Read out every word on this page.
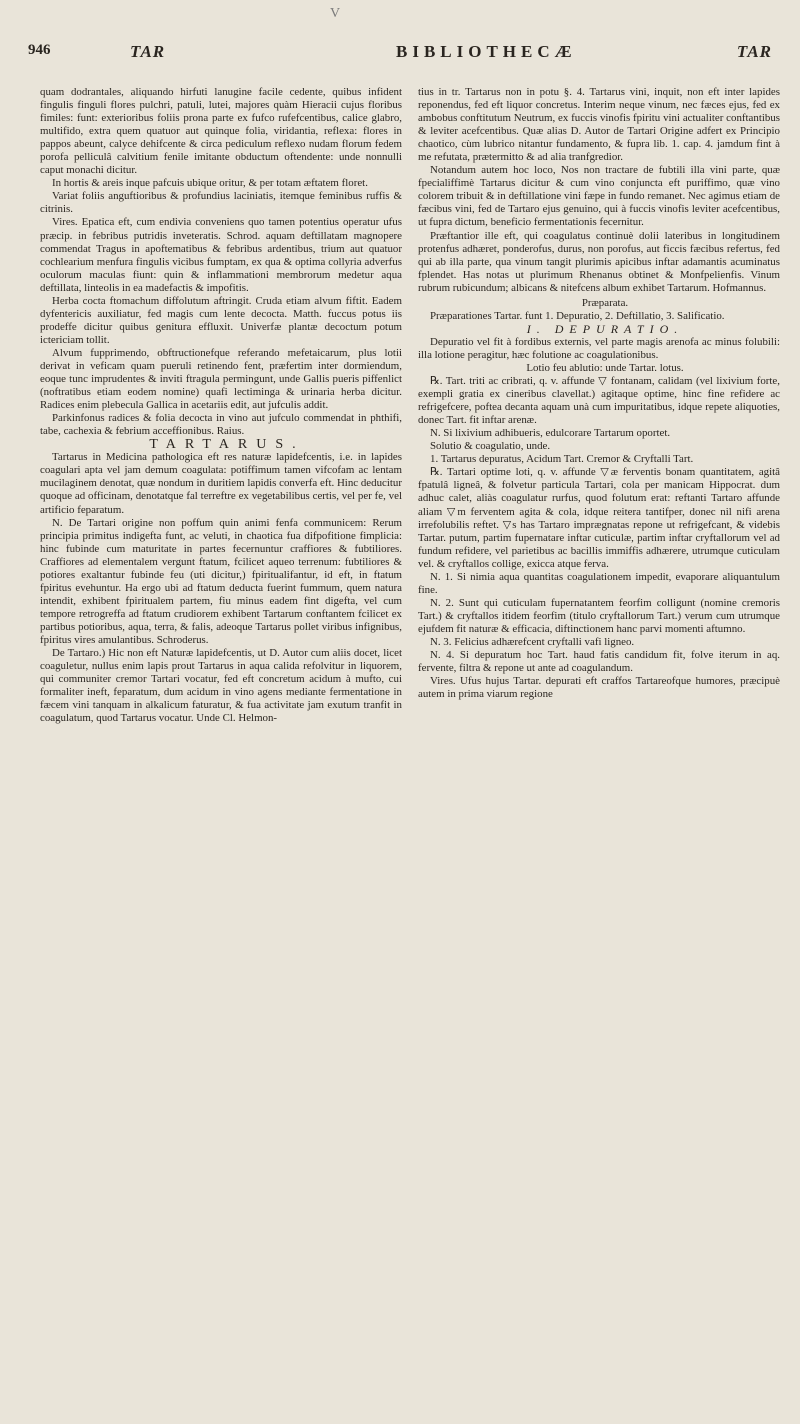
V
946	TAR	BIBLIOTHECÆ	TAR

quam dodrantales, aliquando hirfuti lanugine facile cedente, quibus infident fingulis finguli flores pulchri, patuli, lutei, majores quàm Hieracii cujus floribus fimiles: funt: exterioribus foliis prona parte ex fufco rufefcentibus, calice glabro, multifido, extra quem quatuor aut quinque folia, viridantia, reflexa: flores in pappos abeunt, calyce dehifcente & circa pediculum reflexo nudam florum fedem porofa pelliculâ calvitium fenile imitante obductum oftendente: unde nonnulli caput monachi dicitur.

In hortis & areis inque pafcuis ubique oritur, & per totam æftatem floret.

Variat foliis anguftioribus & profundius laciniatis, itemque feminibus ruffis & citrinis.

Vires. Epatica eft, cum endivia conveniens quo tamen potentius operatur ufus præcip. in febribus putridis inveteratis. Schrod. aquam deftillatam magnopere commendat Tragus in apoftematibus & febribus ardentibus, trium aut quatuor cochlearium menfura fingulis vicibus fumptam, ex qua & optima collyria adverfus oculorum maculas fiunt: quin & inflammationi membrorum medetur aqua deftillata, linteolis in ea madefactis & impofitis.

Herba cocta ftomachum diffolutum aftringit. Cruda etiam alvum fiftit. Eadem dyfentericis auxiliatur, fed magis cum lente decocta. Matth. fuccus potus iis prodeffe dicitur quibus genitura effluxit. Univerfæ plantæ decoctum potum ictericiam tollit.

Alvum fupprimendo, obftructionefque referando mefetaicarum, plus lotii derivat in veficam quam pueruli retinendo fent, præfertim inter dormiendum, eoque tunc imprudentes & inviti ftragula permingunt, unde Gallis pueris piffenlict (noftratibus etiam eodem nomine) quafi lectiminga & urinaria herba dicitur. Radices enim plebecula Gallica in acetariis edit, aut jufculis addit.

Parkinfonus radices & folia decocta in vino aut jufculo commendat in phthifi, tabe, cachexia & febrium acceffionibus. Raius.

TARTARUS.

Tartarus in Medicina pathologica eft res naturæ lapidefcentis, i.e. in lapides coagulari apta vel jam demum coagulata: potiffimum tamen vifcofam ac lentam mucilaginem denotat, quæ nondum in duritiem lapidis converfa eft. Hinc deducitur quoque ad officinam, denotatque fal terreftre ex vegetabilibus certis, vel per fe, vel artificio feparatum.

N. De Tartari origine non poffum quin animi fenfa communicem: Rerum principia primitus indigefta funt, ac veluti, in chaotica fua difpofitione fimplicia: hinc fubinde cum maturitate in partes fecernuntur craffiores & fubtiliores. Craffiores ad elementalem vergunt ftatum, fcilicet aqueo terrenum: fubtiliores & potiores exaltantur fubinde feu (uti dicitur,) fpiritualifantur, id eft, in ftatum fpiritus evehuntur. Ha ergo ubi ad ftatum deducta fuerint fummum, quem natura intendit, exhibent fpiritualem partem, fiu minus eadem fint digefta, vel cum tempore retrogreffa ad ftatum crudiorem exhibent Tartarum conftantem fcilicet ex partibus potioribus, aqua, terra, & falis, adeoque Tartarus pollet viribus infignibus, fpiritus vires amulantibus. Schroderus.

De Tartaro.) Hic non eft Naturæ lapidefcentis, ut D. Autor cum aliis docet, licet coaguletur, nullus enim lapis prout Tartarus in aqua calida refolvitur in liquorem, qui communiter cremor Tartari vocatur, fed eft concretum acidum à mufto, cui formaliter ineft, feparatum, dum acidum in vino agens mediante fermentatione in fæcem vini tanquam in alkalicum faturatur, & fua activitate jam exutum tranfit in coagulatum, quod Tartarus vocatur. Unde Cl. Helmon-

tius in tr. Tartarus non in potu §. 4. Tartarus vini, inquit, non eft inter lapides reponendus, fed eft liquor concretus. Interim neque vinum, nec fæces ejus, fed ex ambobus conftitutum Neutrum, ex fuccis vinofis fpiritu vini actualiter conftantibus & leviter acefcentibus. Quæ alias D. Autor de Tartari Origine adfert ex Principio chaotico, cùm lubrico nitantur fundamento, & fupra lib. 1. cap. 4. jamdum fint à me refutata, prætermitto & ad alia tranfgredior.

Notandum autem hoc loco, Nos non tractare de fubtili illa vini parte, quæ fpecialiffimè Tartarus dicitur & cum vino conjuncta eft puriffimo, quæ vino colorem tribuit & in deftillatione vini fæpe in fundo remanet. Nec agimus etiam de fæcibus vini, fed de Tartaro ejus genuino, qui à fuccis vinofis leviter acefcentibus, ut fupra dictum, beneficio fermentationis fecernitur.

Præftantior ille eft, qui coagulatus continuè dolii lateribus in longitudinem protenfus adhæret, ponderofus, durus, non porofus, aut ficcis fæcibus refertus, fed qui ab illa parte, qua vinum tangit plurimis apicibus inftar adamantis acuminatus fplendet. Has notas ut plurimum Rhenanus obtinet & Monfpelienfis. Vinum rubrum rubicundum; albicans & nitefcens album exhibet Tartarum. Hofmannus.

Præparata.

Præparationes Tartar. funt 1. Depuratio, 2. Deftillatio, 3. Salificatio.

I. DEPURATIO.

Depuratio vel fit à fordibus externis, vel parte magis arenofa ac minus folubili: illa lotione peragitur, hæc folutione ac coagulationibus.

Lotio feu ablutio: unde Tartar. lotus.

℞. Tart. triti ac cribrati, q. v. affunde ▽ fontanam, calidam (vel lixivium forte, exempli gratia ex cineribus clavellat.) agitaque optime, hinc fine refidere ac refrigefcere, poftea decanta aquam unà cum impuritatibus, idque repete aliquoties, donec Tart. fit inftar arenæ.

N. Si lixivium adhibueris, edulcorare Tartarum oportet.

Solutio & coagulatio, unde.

1. Tartarus depuratus, Acidum Tart. Cremor & Cryftalli Tart.

℞. Tartari optime loti, q. v. affunde ▽æ ferventis bonam quantitatem, agitâ fpatulâ ligneâ, & folvetur particula Tartari, cola per manicam Hippocrat. dum adhuc calet, aliàs coagulatur rurfus, quod folutum erat: reftanti Tartaro affunde aliam ▽m ferventem agita & cola, idque reitera tantifper, donec nil nifi arena irrefolubilis reftet. ▽s has Tartaro imprægnatas repone ut refrigefcant, & videbis Tartar. putum, partim fupernatare inftar cuticulæ, partim inftar cryftallorum vel ad fundum refidere, vel parietibus ac bacillis immiffis adhærere, utrumque cuticulam vel. & cryftallos collige, exicca atque ferva.

N. 1. Si nimia aqua quantitas coagulationem impedit, evaporare aliquantulum fine.

N. 2. Sunt qui cuticulam fupernatantem feorfim colligunt (nomine cremoris Tart.) & cryftallos itidem feorfim (titulo cryftallorum Tart.) verum cum utrumque ejufdem fit naturæ & efficacia, diftinctionem hanc parvi momenti aftumno.

N. 3. Felicius adhærefcent cryftalli vafi ligneo.

N. 4. Si depuratum hoc Tart. haud fatis candidum fit, folve iterum in aq. fervente, filtra & repone ut ante ad coagulandum.

Vires. Ufus hujus Tartar. depurati eft craffos Tartareofque humores, præcipuè autem in prima viarum regione
